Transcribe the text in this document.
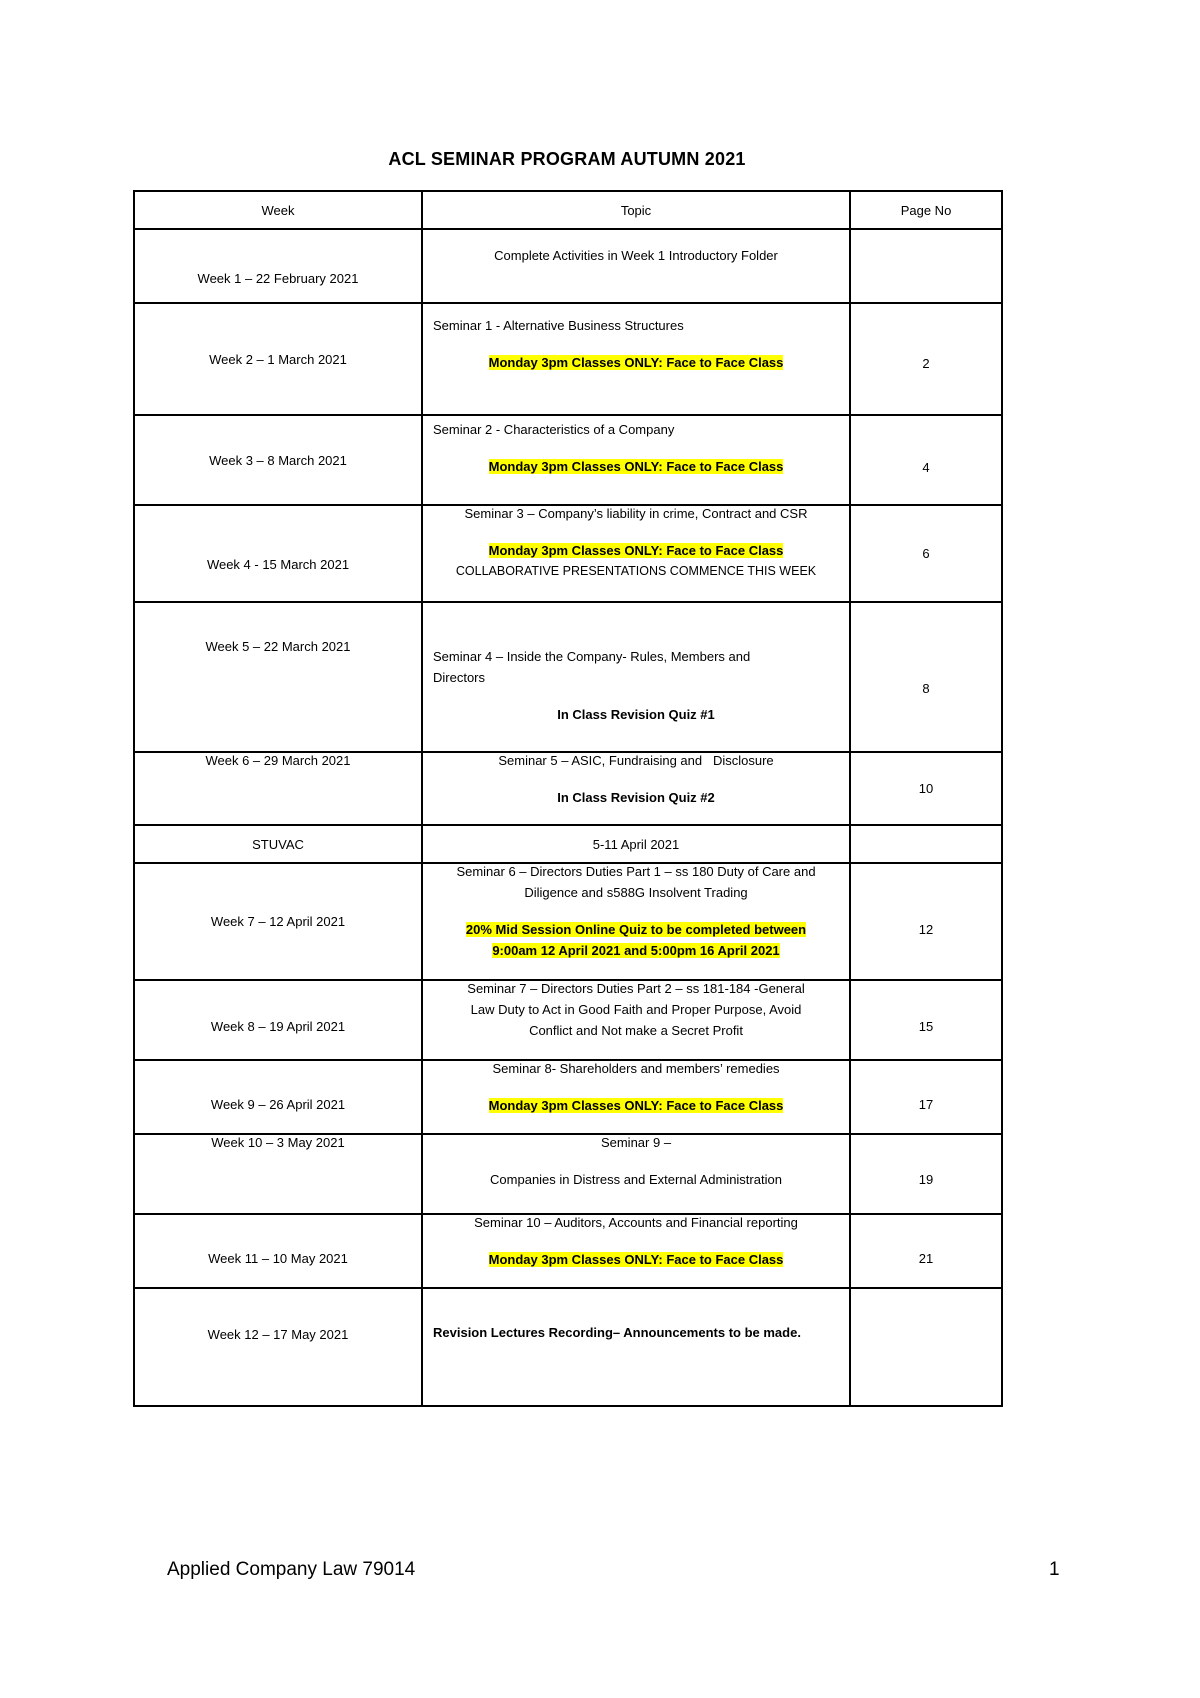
ACL SEMINAR PROGRAM AUTUMN 2021
Week	Topic	Page No
Week 1 – 22 February 2021	Complete Activities in Week 1 Introductory Folder	

Week 2 – 1 March 2021	Seminar 1 - Alternative Business Structures
Monday 3pm Classes ONLY: Face to Face Class	2
Week 3 – 8 March 2021	Seminar 2 - Characteristics of a Company
Monday 3pm Classes ONLY: Face to Face Class	4
Week 4 - 15 March 2021	Seminar 3 – Company’s liability in crime, Contract and CSR
Monday 3pm Classes ONLY: Face to Face Class
COLLABORATIVE PRESENTATIONS COMMENCE THIS WEEK	6
Week 5 – 22 March 2021	Seminar 4 – Inside the Company- Rules, Members and
Directors
In Class Revision Quiz #1	8
Week 6 – 29 March 2021	Seminar 5 – ASIC, Fundraising and   Disclosure
In Class Revision Quiz #2	10
STUVAC	5-11 April 2021	
Week 7 – 12 April 2021	Seminar 6 – Directors Duties Part 1 – ss 180 Duty of Care and
Diligence and s588G Insolvent Trading
20% Mid Session Online Quiz to be completed between
9:00am 12 April 2021 and 5:00pm 16 April 2021	12
Week 8 – 19 April 2021	Seminar 7 – Directors Duties Part 2 – ss 181-184 -General
Law Duty to Act in Good Faith and Proper Purpose, Avoid
Conflict and Not make a Secret Profit	15
Week 9 – 26 April 2021	Seminar 8- Shareholders and members’ remedies
Monday 3pm Classes ONLY: Face to Face Class	17
Week 10 – 3 May 2021	Seminar 9 –
Companies in Distress and External Administration	19
Week 11 – 10 May 2021	Seminar 10 – Auditors, Accounts and Financial reporting
Monday 3pm Classes ONLY: Face to Face Class	21
Week 12 – 17 May 2021	Revision Lectures Recording– Announcements to be made.	

Applied Company Law 79014	1
